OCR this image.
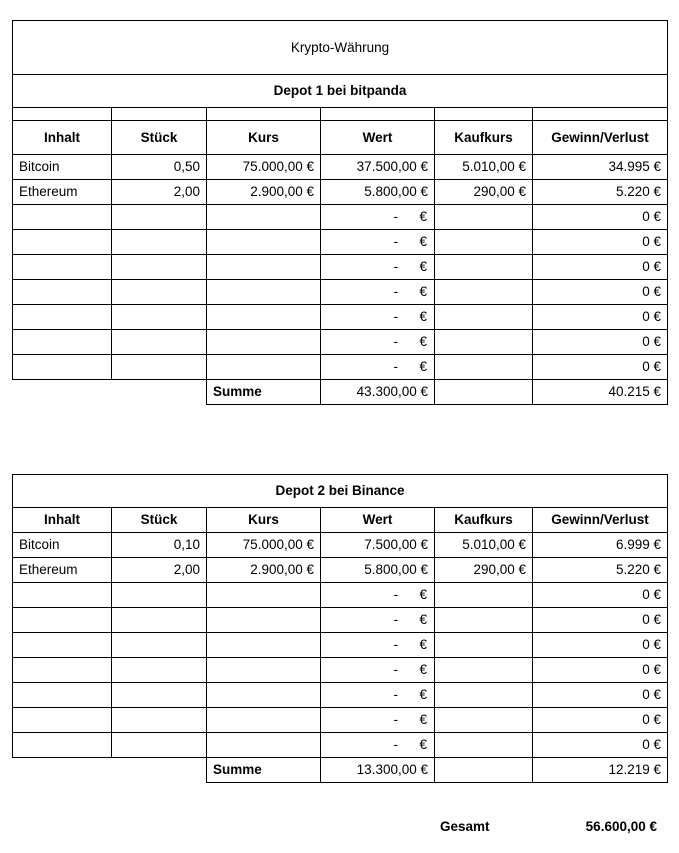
Krypto-Währung					
Depot 1 bei bitpanda					

Inhalt	Stück	Kurs	Wert	Kaufkurs	Gewinn/Verlust
Bitcoin	0,50	75.000,00 €	37.500,00 €	5.010,00 €	34.995 €
Ethereum	2,00	2.900,00 €	5.800,00 €	290,00 €	5.220 €

			- €		0 €

			- €		0 €

			- €		0 €

			- €		0 €

			- €		0 €

			- €		0 €

			- €		0 €
		Summe	43.300,00 €		40.215 €
Depot 2 bei Binance					
Inhalt	Stück	Kurs	Wert	Kaufkurs	Gewinn/Verlust
Bitcoin	0,10	75.000,00 €	7.500,00 €	5.010,00 €	6.999 €
Ethereum	2,00	2.900,00 €	5.800,00 €	290,00 €	5.220 €

			- €		0 €

			- €		0 €

			- €		0 €

			- €		0 €

			- €		0 €

			- €		0 €

			- €		0 €
		Summe	13.300,00 €		12.219 €
Gesamt	56.600,00 €
